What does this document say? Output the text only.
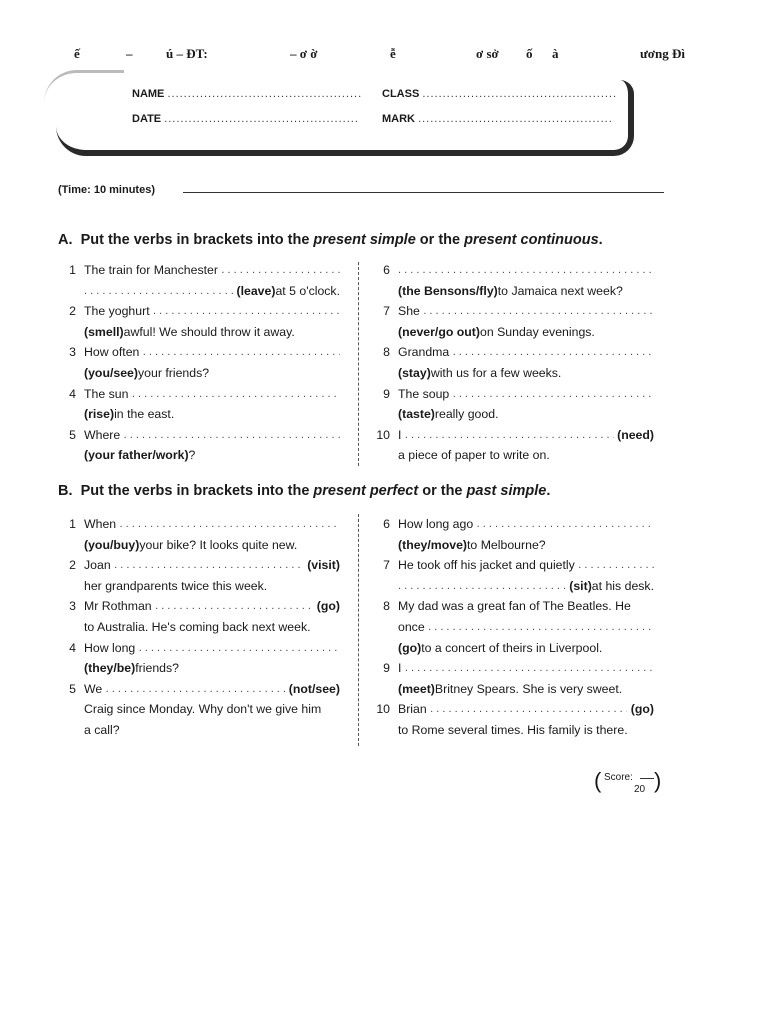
ế	–	ú – ĐT:	– ơ ờ	ễ	ơ sở ố à	ương Đì
NAME ................................................ CLASS ................................................
DATE ................................................ MARK ................................................
(Time: 10 minutes)
A. Put the verbs in brackets into the present simple or the present continuous.
1 The train for Manchester

. . .
. . .

(leave) at 5 o'clock.
2 The yoghurt

. . .
(smell) awful! We should throw it away.
3 How often

. . .
(you/see) your friends?
4 The sun

. . .
(rise) in the east.
5 Where

. . .
(your father/work) ?
6
. . .
(the Bensons/fly) to Jamaica next week?
7 She

. . .
(never/go out) on Sunday evenings.
8 Grandma

. . .
(stay) with us for a few weeks.
9 The soup

. . .
(taste) really good.
10 I
. . .
	(need)
a piece of paper to write on.
B. Put the verbs in brackets into the present perfect or the past simple.
1 When

. . .
(you/buy) your bike? It looks quite new.
2 Joan
. . .
	(visit)
her grandparents twice this week.
3 Mr Rothman
. . .
	(go)
to Australia. He's coming back next week.
4 How long

. . .
(they/be) friends?
5 We
. . .
	(not/see)
Craig since Monday. Why don't we give him
a call?
6 How long ago

. . .
(they/move) to Melbourne?
7 He took off his jacket and quietly

. . .
. . .

(sit) at his desk.
8 My dad was a great fan of The Beatles. He
once

. . .
(go) to a concert of theirs in Liverpool.
9 I

. . .
(meet) Britney Spears. She is very sweet.
10 Brian
. . .
	(go)
to Rome several times. His family is there.
( Score:
20 )
